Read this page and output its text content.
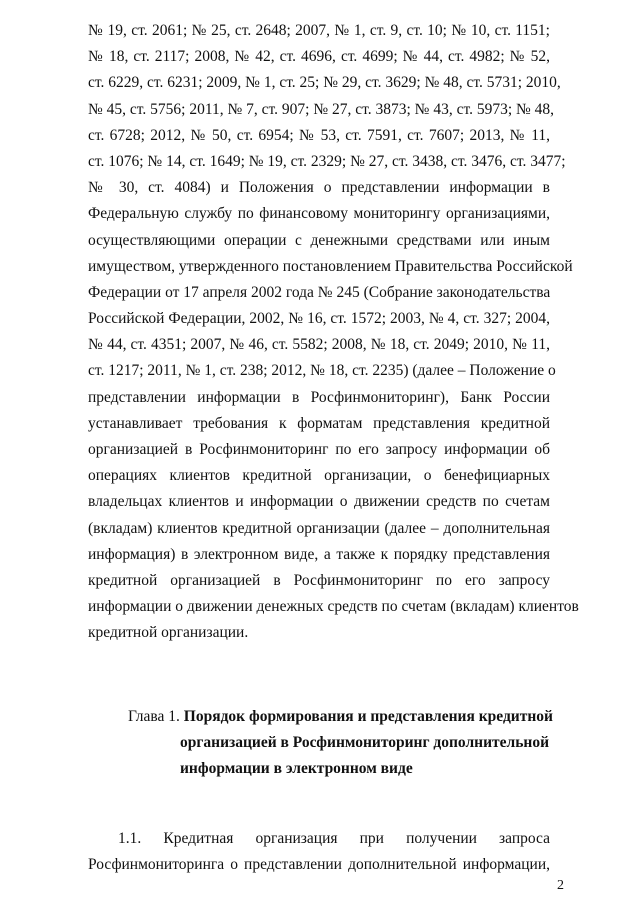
№ 19, ст. 2061; № 25, ст. 2648; 2007, № 1, ст. 9, ст. 10; № 10, ст. 1151;
№ 18, ст. 2117; 2008, № 42, ст. 4696, ст. 4699; № 44, ст. 4982; № 52,
ст. 6229, ст. 6231; 2009, № 1, ст. 25; № 29, ст. 3629; № 48, ст. 5731; 2010,
№ 45, ст. 5756; 2011, № 7, ст. 907; № 27, ст. 3873; № 43, ст. 5973; № 48,
ст. 6728; 2012, № 50, ст. 6954; № 53, ст. 7591, ст. 7607; 2013, № 11,
ст. 1076; № 14, ст. 1649; № 19, ст. 2329; № 27, ст. 3438, ст. 3476, ст. 3477;
№ 30, ст. 4084) и Положения о представлении информации в
Федеральную службу по финансовому мониторингу организациями,
осуществляющими операции с денежными средствами или иным
имуществом, утвержденного постановлением Правительства Российской
Федерации от 17 апреля 2002 года № 245 (Собрание законодательства
Российской Федерации, 2002, № 16, ст. 1572; 2003, № 4, ст. 327; 2004,
№ 44, ст. 4351; 2007, № 46, ст. 5582; 2008, № 18, ст. 2049; 2010, № 11,
ст. 1217; 2011, № 1, ст. 238; 2012, № 18, ст. 2235) (далее – Положение о
представлении информации в Росфинмониторинг), Банк России
устанавливает требования к форматам представления кредитной
организацией в Росфинмониторинг по его запросу информации об
операциях клиентов кредитной организации, о бенефициарных
владельцах клиентов и информации о движении средств по счетам
(вкладам) клиентов кредитной организации (далее – дополнительная
информация) в электронном виде, а также к порядку представления
кредитной организацией в Росфинмониторинг по его запросу
информации о движении денежных средств по счетам (вкладам) клиентов
кредитной организации.
Глава 1. Порядок формирования и представления кредитной
организацией в Росфинмониторинг дополнительной
информации в электронном виде
1.1. Кредитная организация при получении запроса
Росфинмониторинга о представлении дополнительной информации,
2
